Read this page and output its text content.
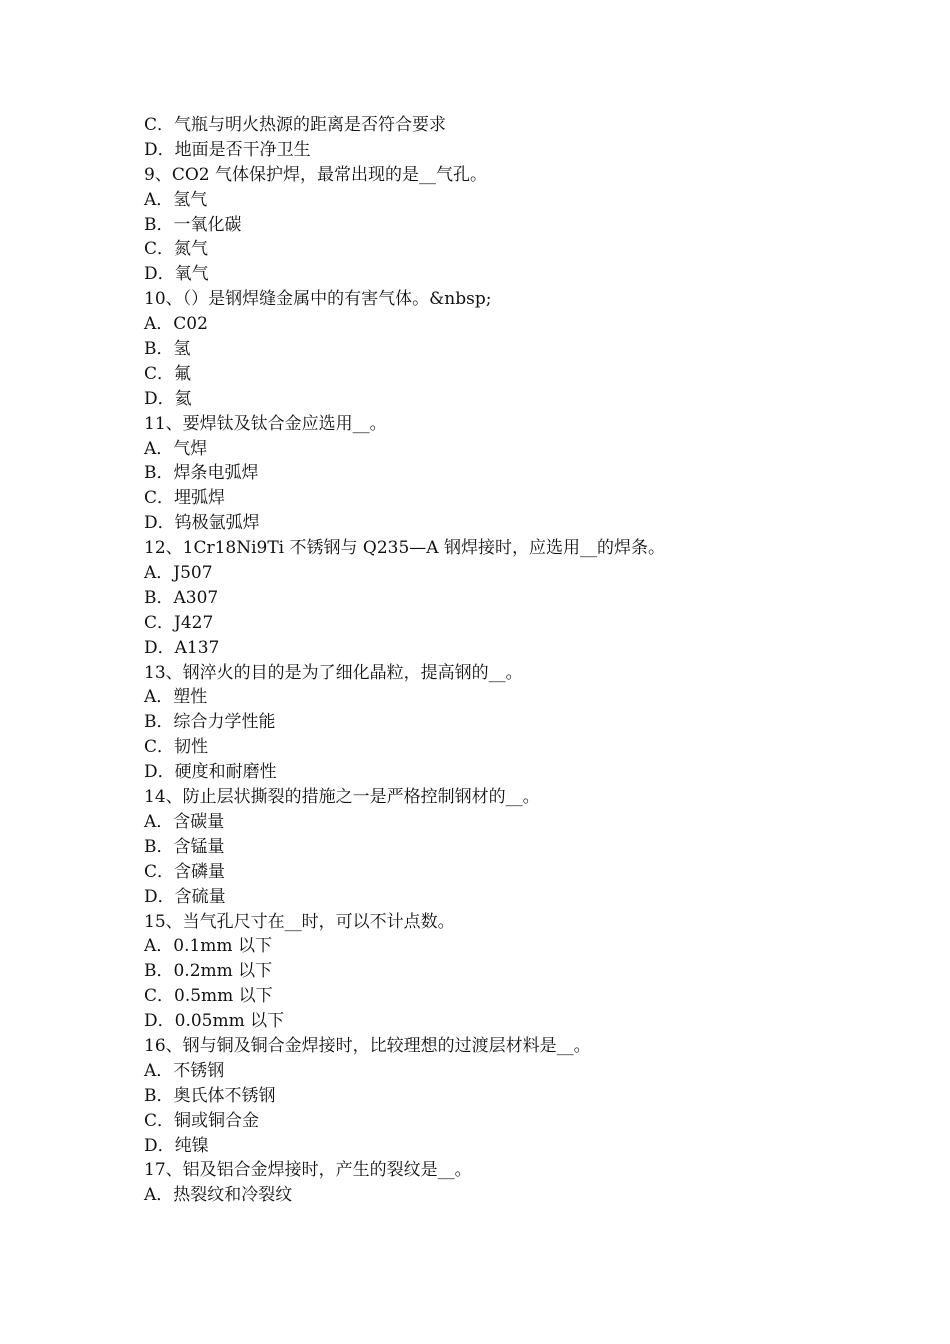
C．气瓶与明火热源的距离是否符合要求
D．地面是否干净卫生
9、CO2 气体保护焊，最常出现的是__气孔。
A．氢气
B．一氧化碳
C．氮气
D．氧气
10、（）是钢焊缝金属中的有害气体。&nbsp;
A．C02
B．氢
C．氟
D．氦
11、要焊钛及钛合金应选用__。
A．气焊
B．焊条电弧焊
C．埋弧焊
D．钨极氩弧焊
12、1Cr18Ni9Ti 不锈钢与 Q235—A 钢焊接时，应选用__的焊条。
A．J507
B．A307
C．J427
D．A137
13、钢淬火的目的是为了细化晶粒，提高钢的__。
A．塑性
B．综合力学性能
C．韧性
D．硬度和耐磨性
14、防止层状撕裂的措施之一是严格控制钢材的__。
A．含碳量
B．含锰量
C．含磷量
D．含硫量
15、当气孔尺寸在__时，可以不计点数。
A．0.1mm 以下
B．0.2mm 以下
C．0.5mm 以下
D．0.05mm 以下
16、钢与铜及铜合金焊接时，比较理想的过渡层材料是__。
A．不锈钢
B．奥氏体不锈钢
C．铜或铜合金
D．纯镍
17、铝及铝合金焊接时，产生的裂纹是__。
A．热裂纹和冷裂纹
